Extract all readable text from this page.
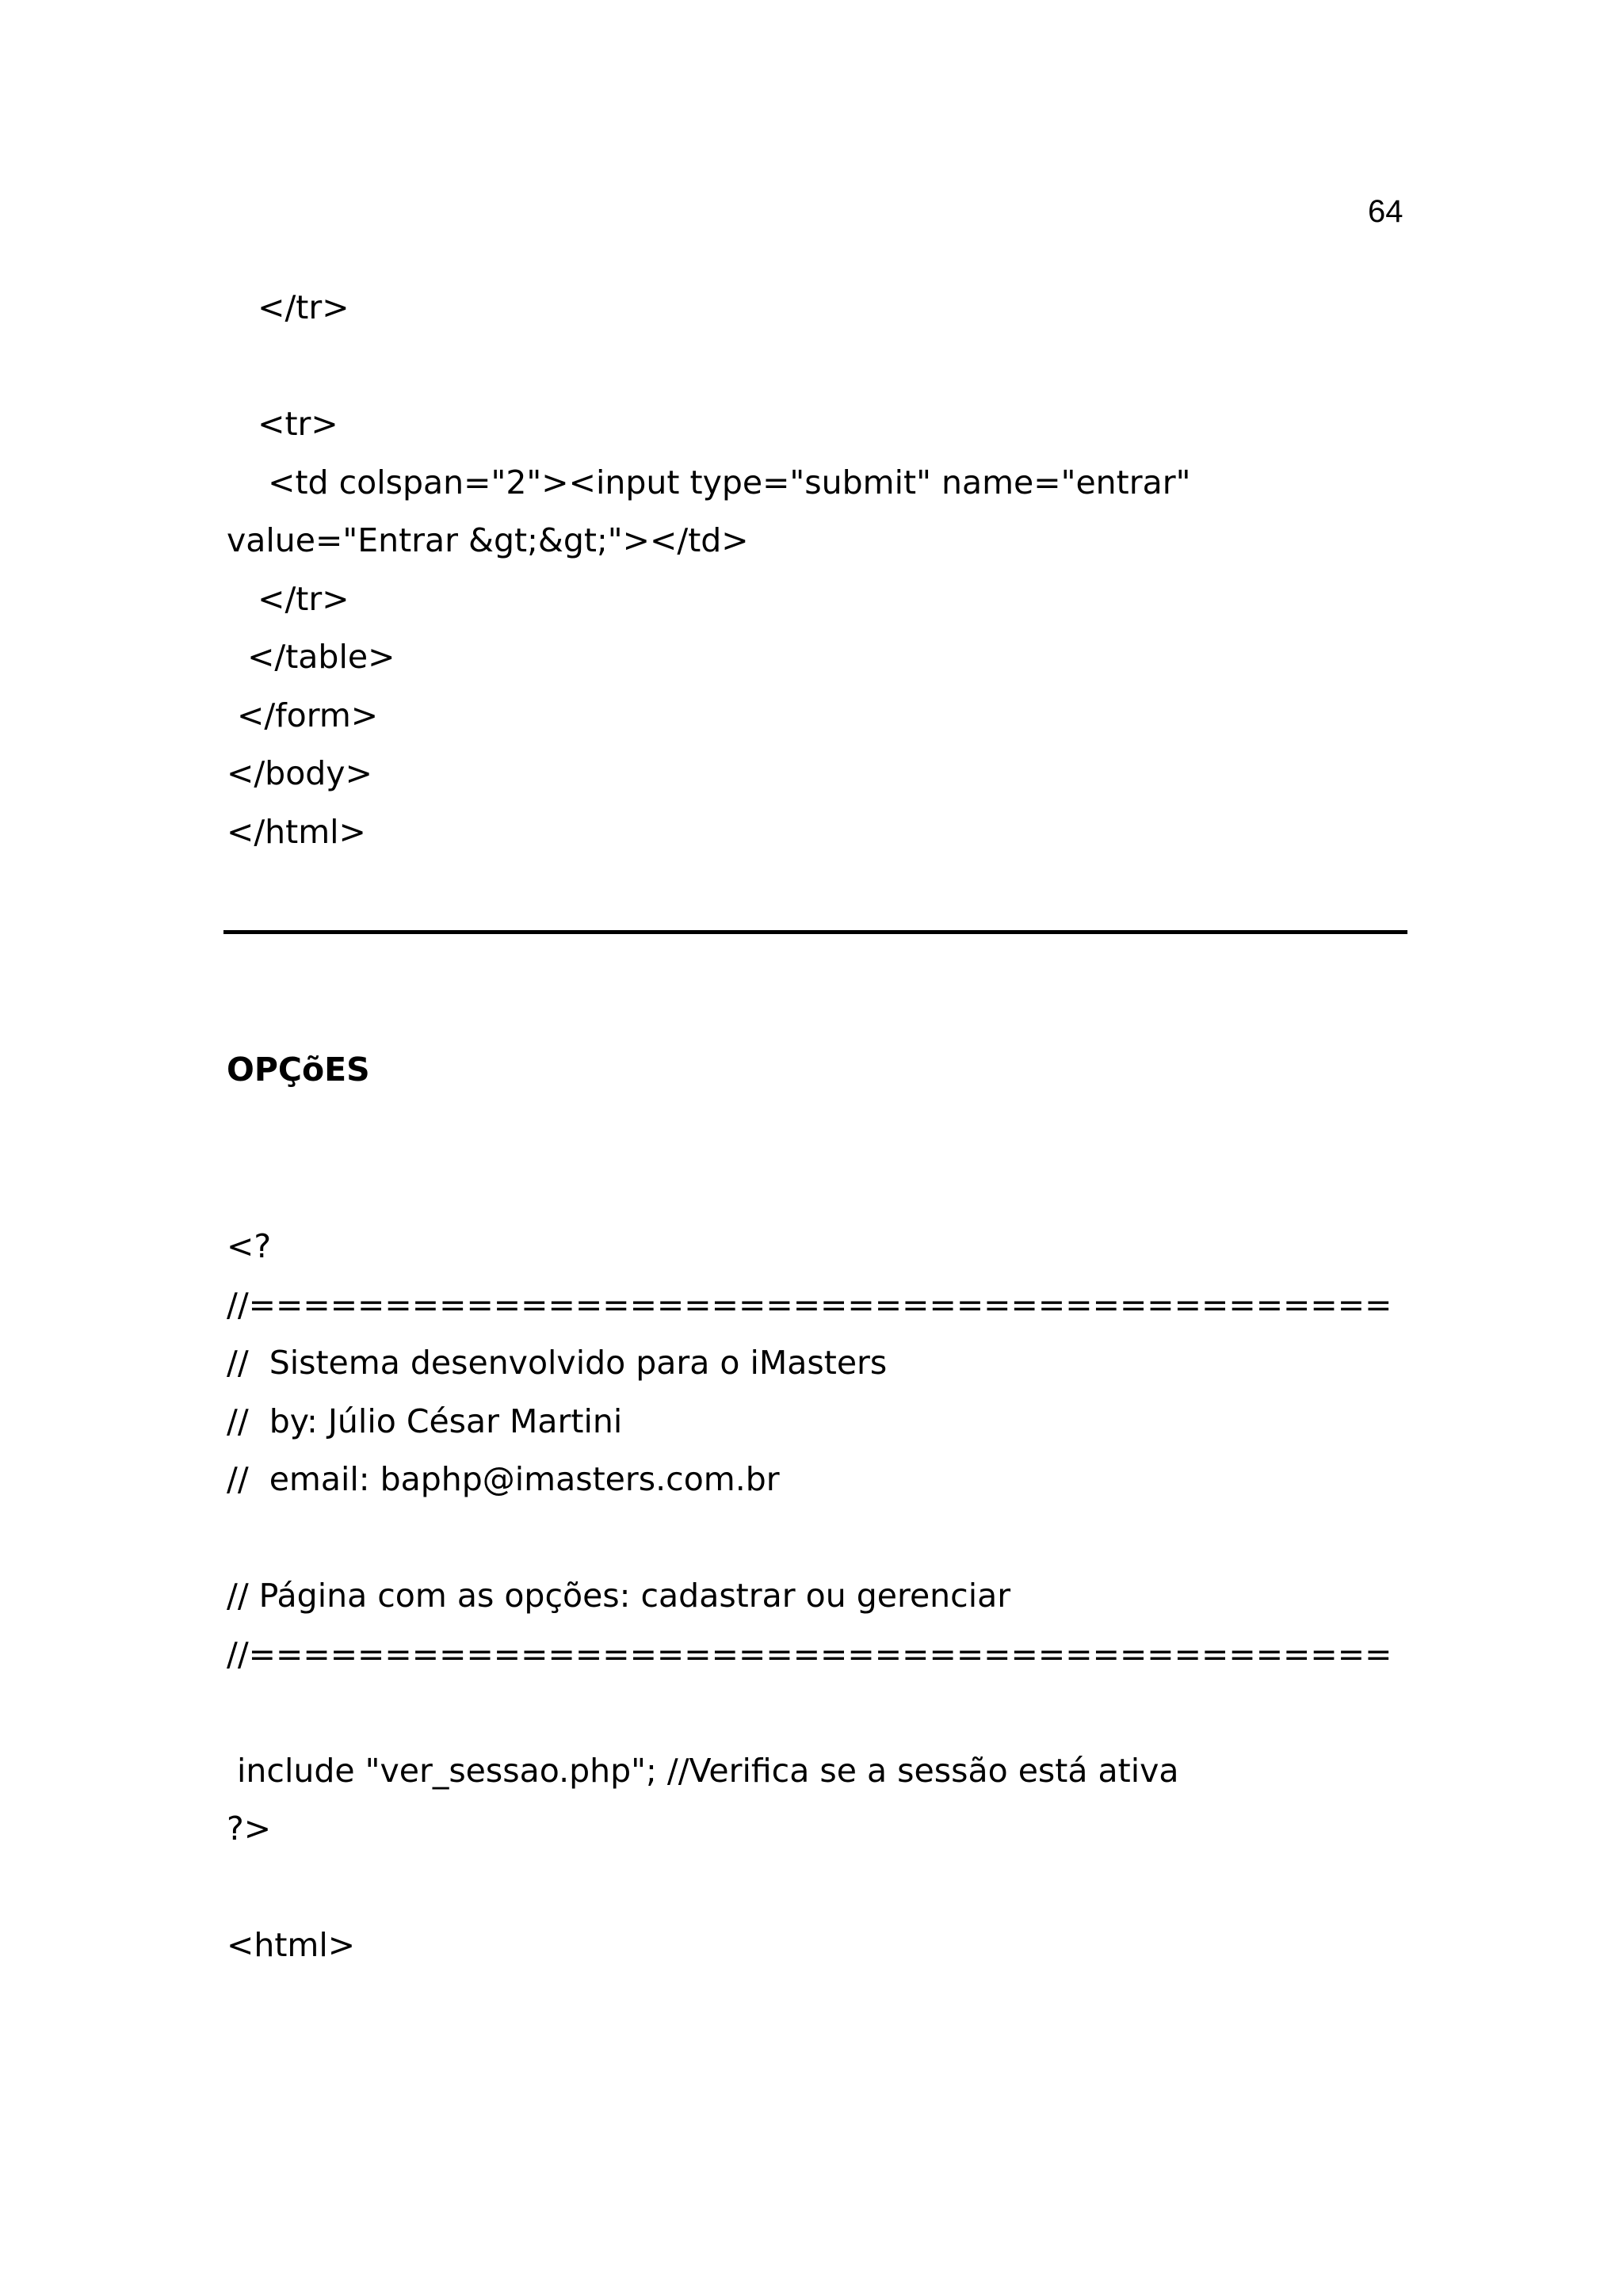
64
</tr>
<tr>
<td colspan="2"><input type="submit" name="entrar"
value="Entrar &gt;&gt;"></td>
</tr>
</table>
</form>
</body>
</html>
OPÇõES
<?
//==========================================
//  Sistema desenvolvido para o iMasters
//  by: Júlio César Martini
//  email: baphp@imasters.com.br
// Página com as opções: cadastrar ou gerenciar
//==========================================
include "ver_sessao.php"; //Verifica se a sessão está ativa
?>
<html>
